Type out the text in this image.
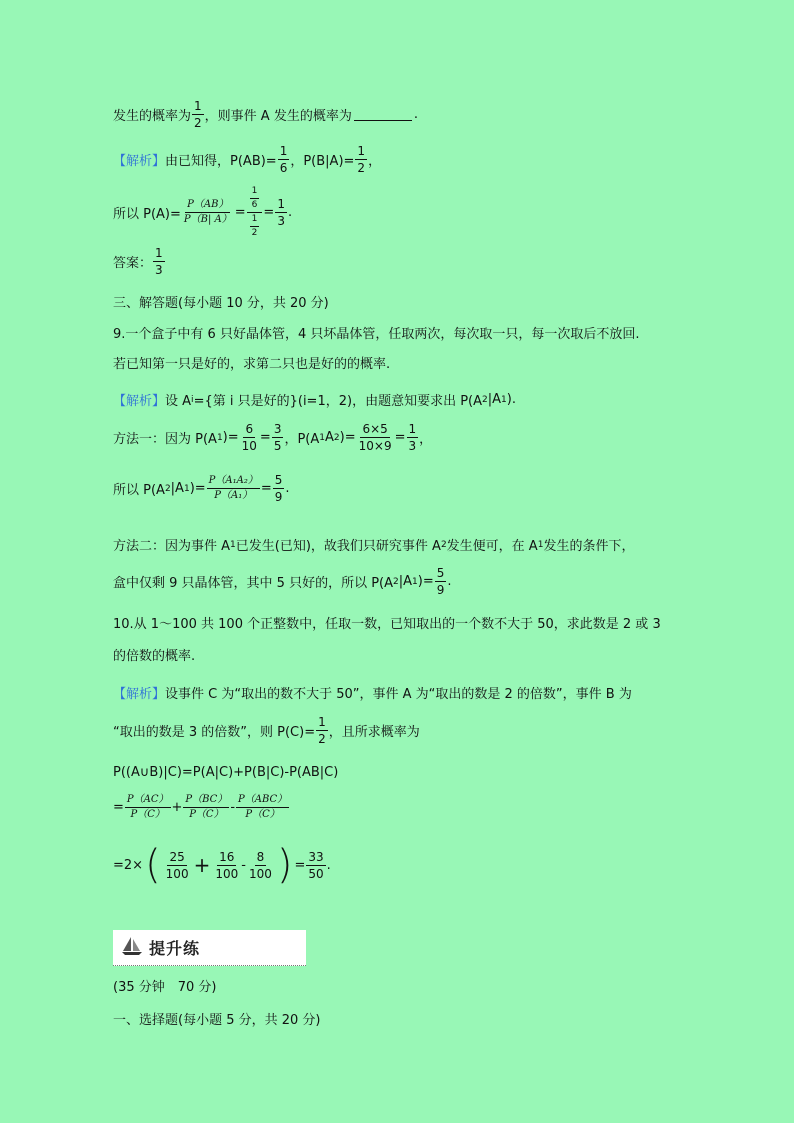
发生的概率为 $\frac{1}{2}$ ，则事件 A 发生的概率为	.
【解析】 由已知得，$P(AB)= \frac{1}{6}$ ，$P(B|A)= \frac{1}{2}$ ，
所以 $P(A)= \frac{P(AB)}{P(B| A)} = \frac{\frac{1}{6}}{\frac{1}{2}} = \frac{1}{3}$ .
答案： $\frac{1}{3}$
三、解答题(每小题 10 分，共 20 分)
9.一个盒子中有 6 只好晶体管，4 只坏晶体管，任取两次，每次取一只，每一次取后不放回.
若已知第一只是好的，求第二只也是好的的概率.
【解析】 设 A i ={第 i 只是好的}(i=1，2)，由题意知要求出 P(A 2 |A 1 ).
方法一：因为 P(A 1 )= $\frac{6}{10} = \frac{3}{5}$ ，P(A 1 A 2 )= $\frac{6\times 5}{10\times 9} = \frac{1}{3}$ ，
所以 P(A 2 |A 1 )= $\frac{\text{P（A₁A₂）}}{\text{P（A₁）}} = \frac{5}{9}$ .
方法二：因为事件 A 1 已发生(已知)，故我们只研究事件 A 2 发生便可，在 A 1 发生的条件下，
盒中仅剩 9 只晶体管，其中 5 只好的，所以 P(A 2 |A 1 )= $\frac{5}{9}$ .
10.从 1～100 共 100 个正整数中，任取一数，已知取出的一个数不大于 50，求此数是 2 或 3
的倍数的概率.
【解析】 设事件 C 为“取出的数不大于 50”，事件 A 为“取出的数是 2 的倍数”，事件 B 为
“取出的数是 3 的倍数”，则 $P(C)= \frac{1}{2}$ ，且所求概率为
P((A∪B)|C)=P(A|C)+P(B|C)-P(AB|C)
= $\frac{P(AC)}{P(C)} + \frac{P(BC)}{P(C)} - \frac{\text{P（ABC）}}{P(C)}$
=2× ( $\frac{25}{100} + \frac{16}{100} - \frac{8}{100}$ ) = $\frac{33}{50}$ .
提升练
(35 分钟　70 分)
一、选择题(每小题 5 分，共 20 分)
